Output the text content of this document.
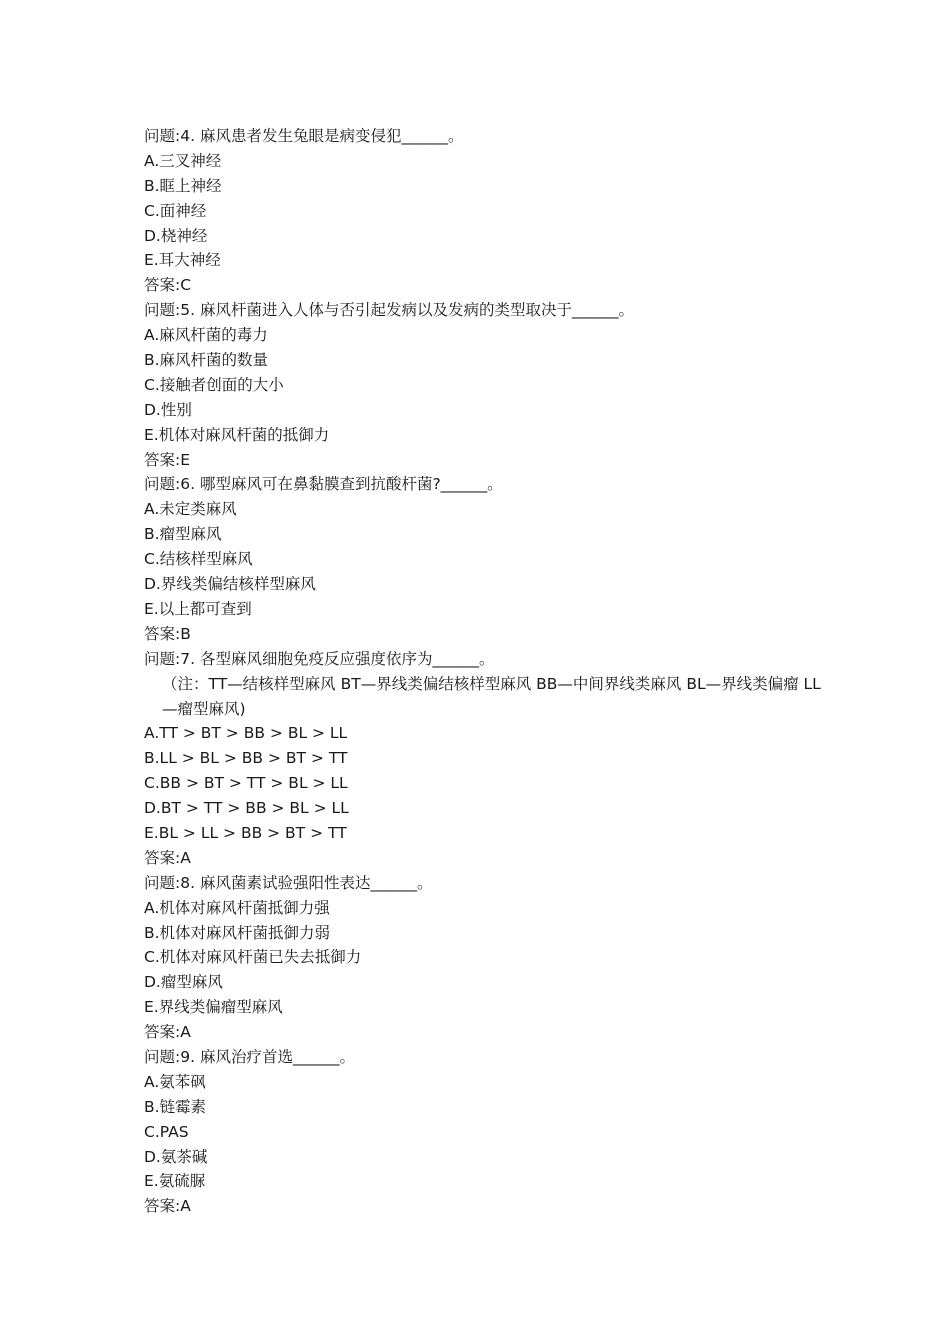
问题:4. 麻风患者发生兔眼是病变侵犯______。
A.三叉神经
B.眶上神经
C.面神经
D.桡神经
E.耳大神经
答案:C
问题:5. 麻风杆菌进入人体与否引起发病以及发病的类型取决于______。
A.麻风杆菌的毒力
B.麻风杆菌的数量
C.接触者创面的大小
D.性别
E.机体对麻风杆菌的抵御力
答案:E
问题:6. 哪型麻风可在鼻黏膜查到抗酸杆菌?______。
A.未定类麻风
B.瘤型麻风
C.结核样型麻风
D.界线类偏结核样型麻风
E.以上都可查到
答案:B
问题:7. 各型麻风细胞免疫反应强度依序为______。
（注：TT—结核样型麻风 BT—界线类偏结核样型麻风 BB—中间界线类麻风 BL—界线类偏瘤 LL—瘤型麻风)
A.TT > BT > BB > BL > LL
B.LL > BL > BB > BT > TT
C.BB > BT > TT > BL > LL
D.BT > TT > BB > BL > LL
E.BL > LL > BB > BT > TT
答案:A
问题:8. 麻风菌素试验强阳性表达______。
A.机体对麻风杆菌抵御力强
B.机体对麻风杆菌抵御力弱
C.机体对麻风杆菌已失去抵御力
D.瘤型麻风
E.界线类偏瘤型麻风
答案:A
问题:9. 麻风治疗首选______。
A.氨苯砜
B.链霉素
C.PAS
D.氨茶碱
E.氨硫脲
答案:A
